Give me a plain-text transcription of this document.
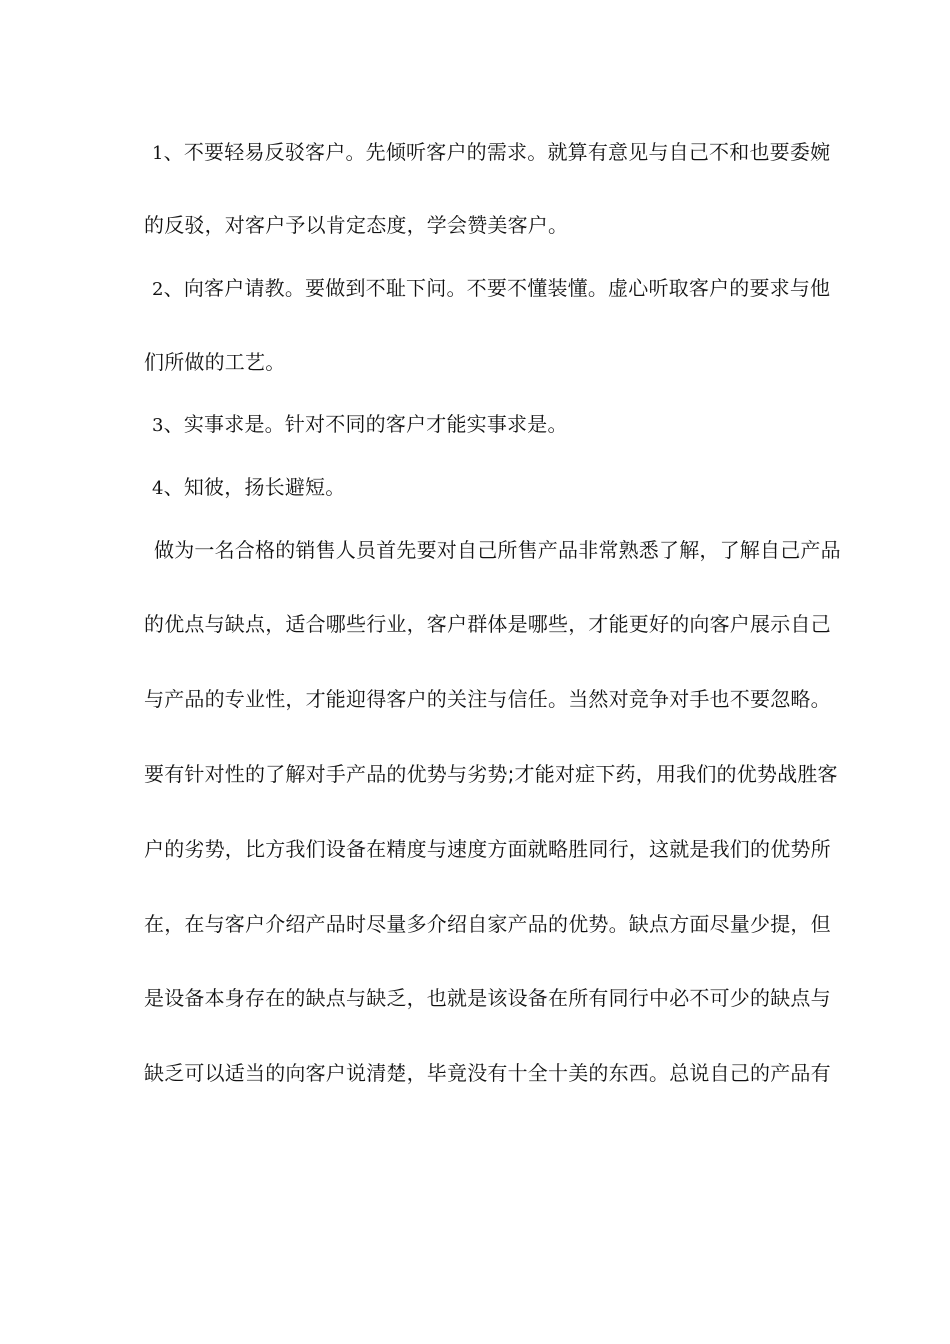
1、不要轻易反驳客户。先倾听客户的需求。就算有意见与自己不和也要委婉
的反驳，对客户予以肯定态度，学会赞美客户。
2、向客户请教。要做到不耻下问。不要不懂装懂。虚心听取客户的要求与他
们所做的工艺。
3、实事求是。针对不同的客户才能实事求是。
4、知彼，扬长避短。
做为一名合格的销售人员首先要对自己所售产品非常熟悉了解，了解自己产品
的优点与缺点，适合哪些行业，客户群体是哪些，才能更好的向客户展示自己
与产品的专业性，才能迎得客户的关注与信任。当然对竞争对手也不要忽略。
要有针对性的了解对手产品的优势与劣势;才能对症下药，用我们的优势战胜客
户的劣势，比方我们设备在精度与速度方面就略胜同行，这就是我们的优势所
在，在与客户介绍产品时尽量多介绍自家产品的优势。缺点方面尽量少提，但
是设备本身存在的缺点与缺乏，也就是该设备在所有同行中必不可少的缺点与
缺乏可以适当的向客户说清楚，毕竟没有十全十美的东西。总说自己的产品有
